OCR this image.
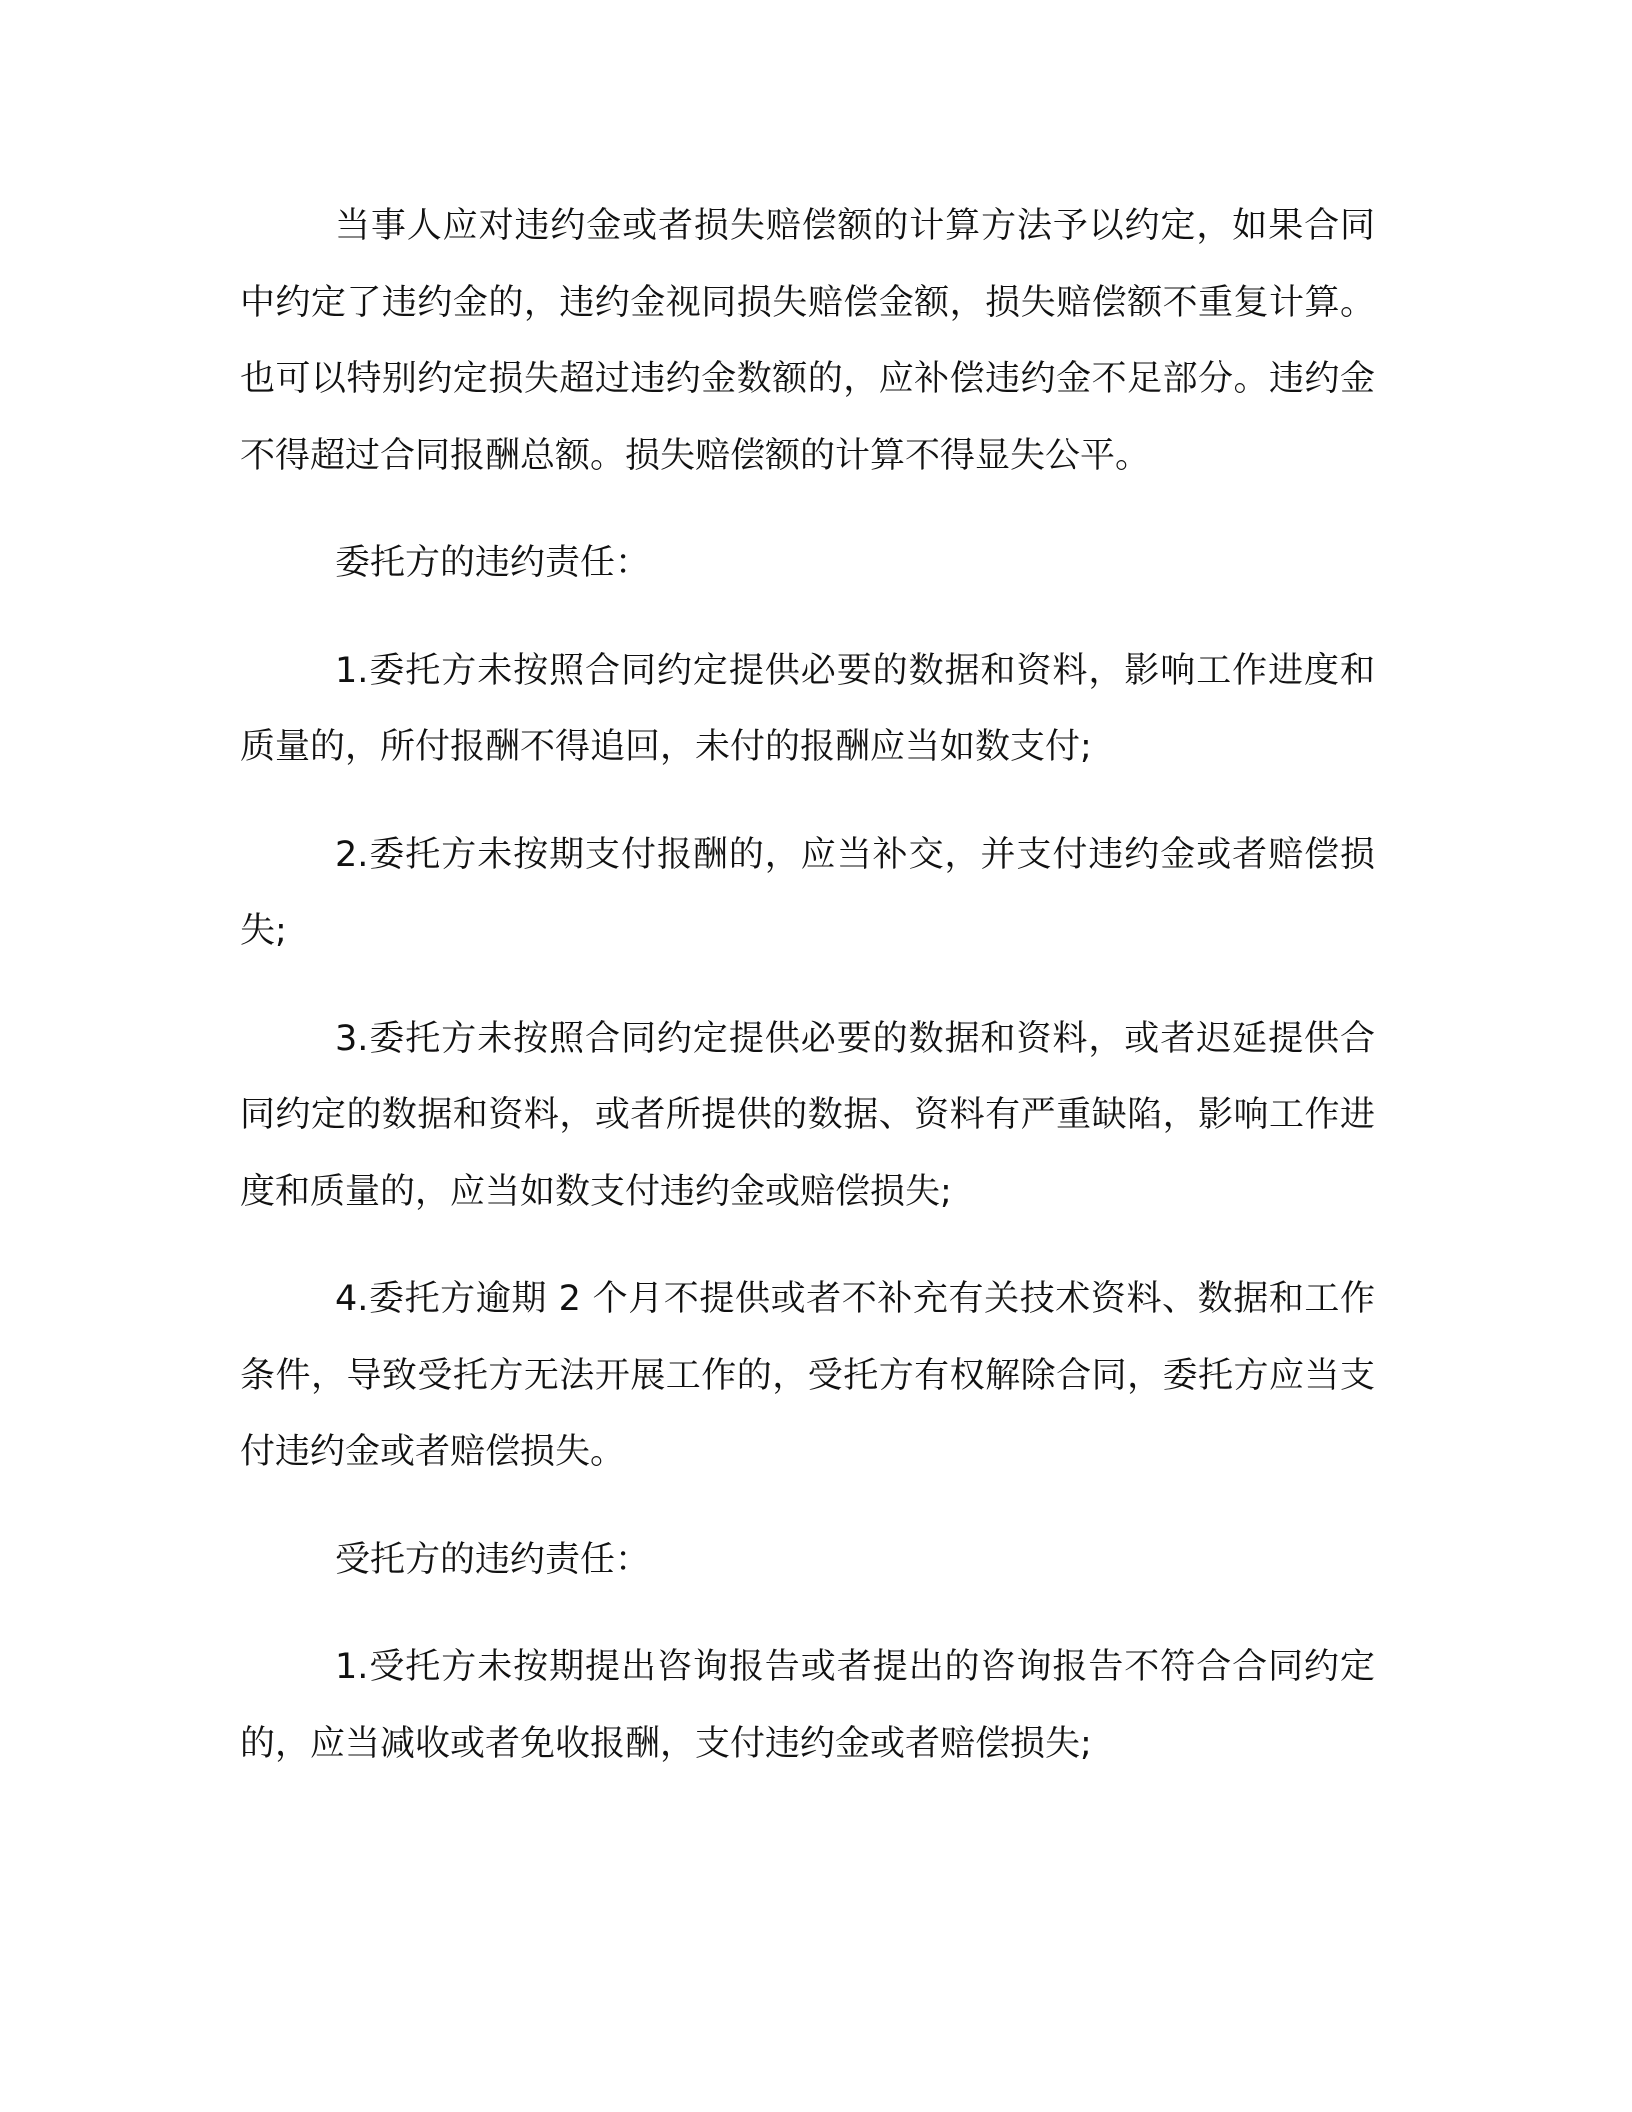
当事人应对违约金或者损失赔偿额的计算方法予以约定，如果合同中约定了违约金的，违约金视同损失赔偿金额，损失赔偿额不重复计算。也可以特别约定损失超过违约金数额的，应补偿违约金不足部分。违约金不得超过合同报酬总额。损失赔偿额的计算不得显失公平。

委托方的违约责任：

1.委托方未按照合同约定提供必要的数据和资料，影响工作进度和质量的，所付报酬不得追回，未付的报酬应当如数支付;

2.委托方未按期支付报酬的，应当补交，并支付违约金或者赔偿损失;

3.委托方未按照合同约定提供必要的数据和资料，或者迟延提供合同约定的数据和资料，或者所提供的数据、资料有严重缺陷，影响工作进度和质量的，应当如数支付违约金或赔偿损失;

4.委托方逾期 2 个月不提供或者不补充有关技术资料、数据和工作条件，导致受托方无法开展工作的，受托方有权解除合同，委托方应当支付违约金或者赔偿损失。

受托方的违约责任：

1.受托方未按期提出咨询报告或者提出的咨询报告不符合合同约定的，应当减收或者免收报酬，支付违约金或者赔偿损失;
